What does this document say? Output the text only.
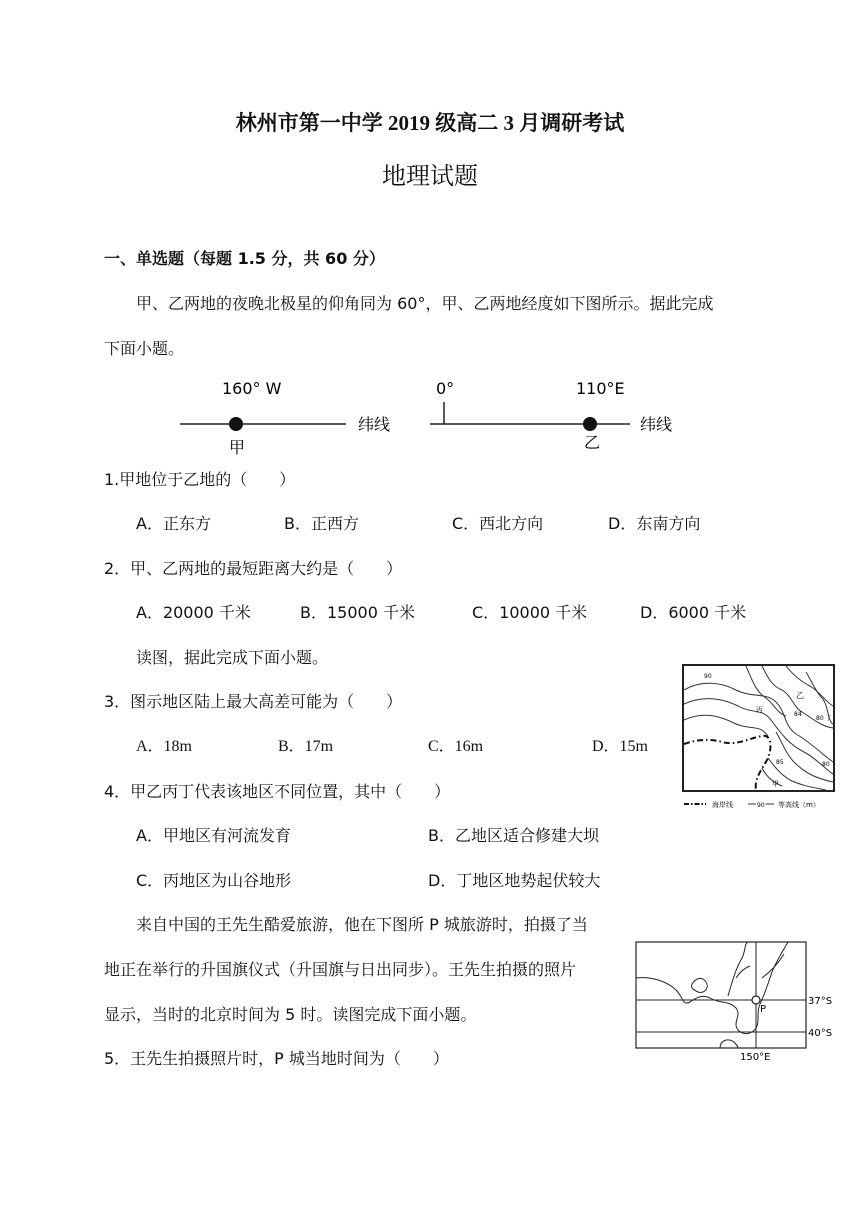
林州市第一中学 2019 级高二 3 月调研考试
地理试题
一、单选题（每题 1.5 分，共 60 分）
甲、乙两地的夜晚北极星的仰角同为 60°，甲、乙两地经度如下图所示。据此完成
下面小题。
160° W
甲
纬线
0°	110°E
乙
纬线
1.甲地位于乙地的（　　）
A．正东方	B．正西方	C．西北方向	D．东南方向
2．甲、乙两地的最短距离大约是（　　）
A．20000 千米	B．15000 千米	C．10000 千米	D．6000 千米
读图，据此完成下面小题。
3．图示地区陆上最大高差可能为（　　）
A．18m	B．17m	C．16m	D．15m
90
乙
丙
84
80 丁
80
85
甲
海岸线	90 等高线（m）
4．甲乙丙丁代表该地区不同位置，其中（　　）
A．甲地区有河流发育	B．乙地区适合修建大坝
C．丙地区为山谷地形	D．丁地区地势起伏较大
来自中国的王先生酷爱旅游，他在下图所 P 城旅游时，拍摄了当
地正在举行的升国旗仪式（升国旗与日出同步）。王先生拍摄的照片
显示，当时的北京时间为 5 时。读图完成下面小题。	P
37°S
40°S
150°E
5．王先生拍摄照片时，P 城当地时间为（　　）
